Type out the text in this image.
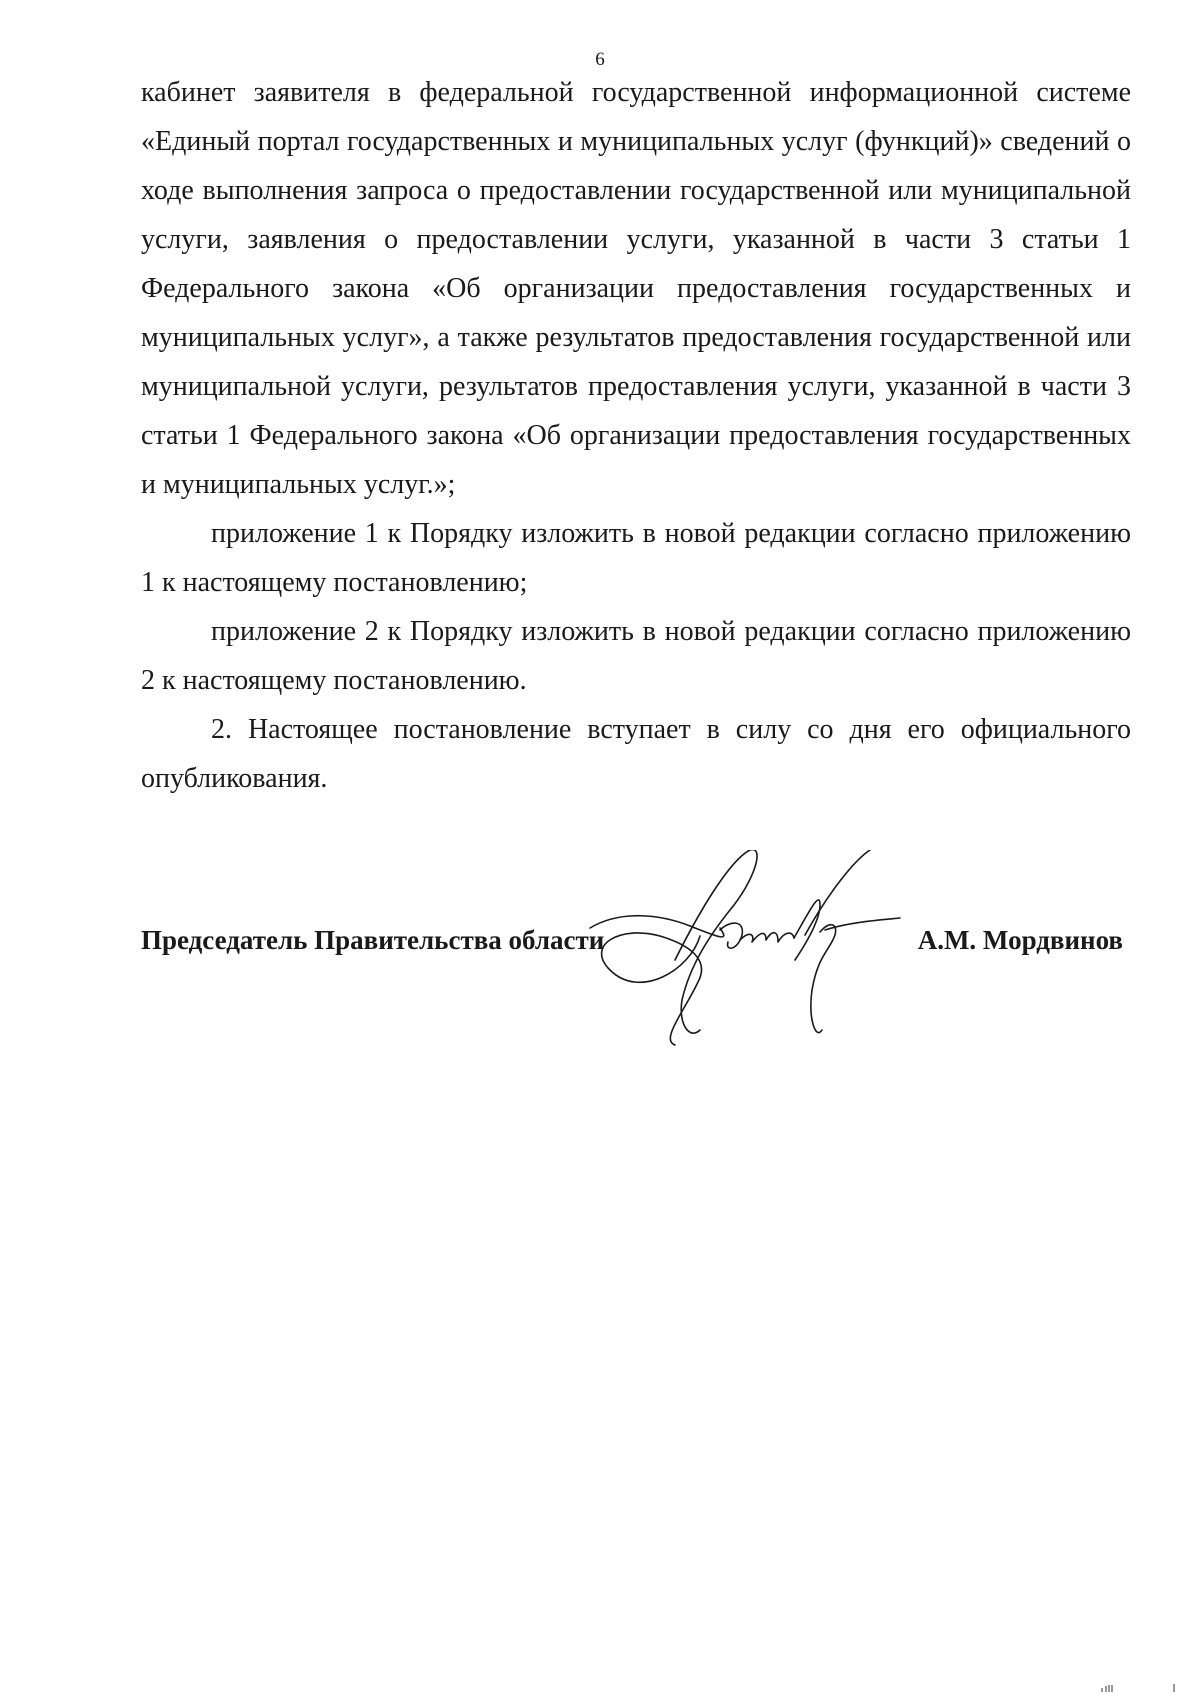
6

кабинет заявителя в федеральной государственной информационной системе «Единый портал государственных и муниципальных услуг (функций)» сведений о ходе выполнения запроса о предоставлении государственной или муниципальной услуги, заявления о предоставлении услуги, указанной в части 3 статьи 1 Федерального закона «Об организации предоставления государственных и муниципальных услуг», а также результатов предоставления государственной или муниципальной услуги, результатов предоставления услуги, указанной в части 3 статьи 1 Федерального закона «Об организации предоставления государственных и муниципальных услуг.»;

приложение 1 к Порядку изложить в новой редакции согласно приложению 1 к настоящему постановлению;

приложение 2 к Порядку изложить в новой редакции согласно приложению 2 к настоящему постановлению.

2. Настоящее постановление вступает в силу со дня его официального опубликования.

Председатель Правительства области	А.М. Мордвинов
